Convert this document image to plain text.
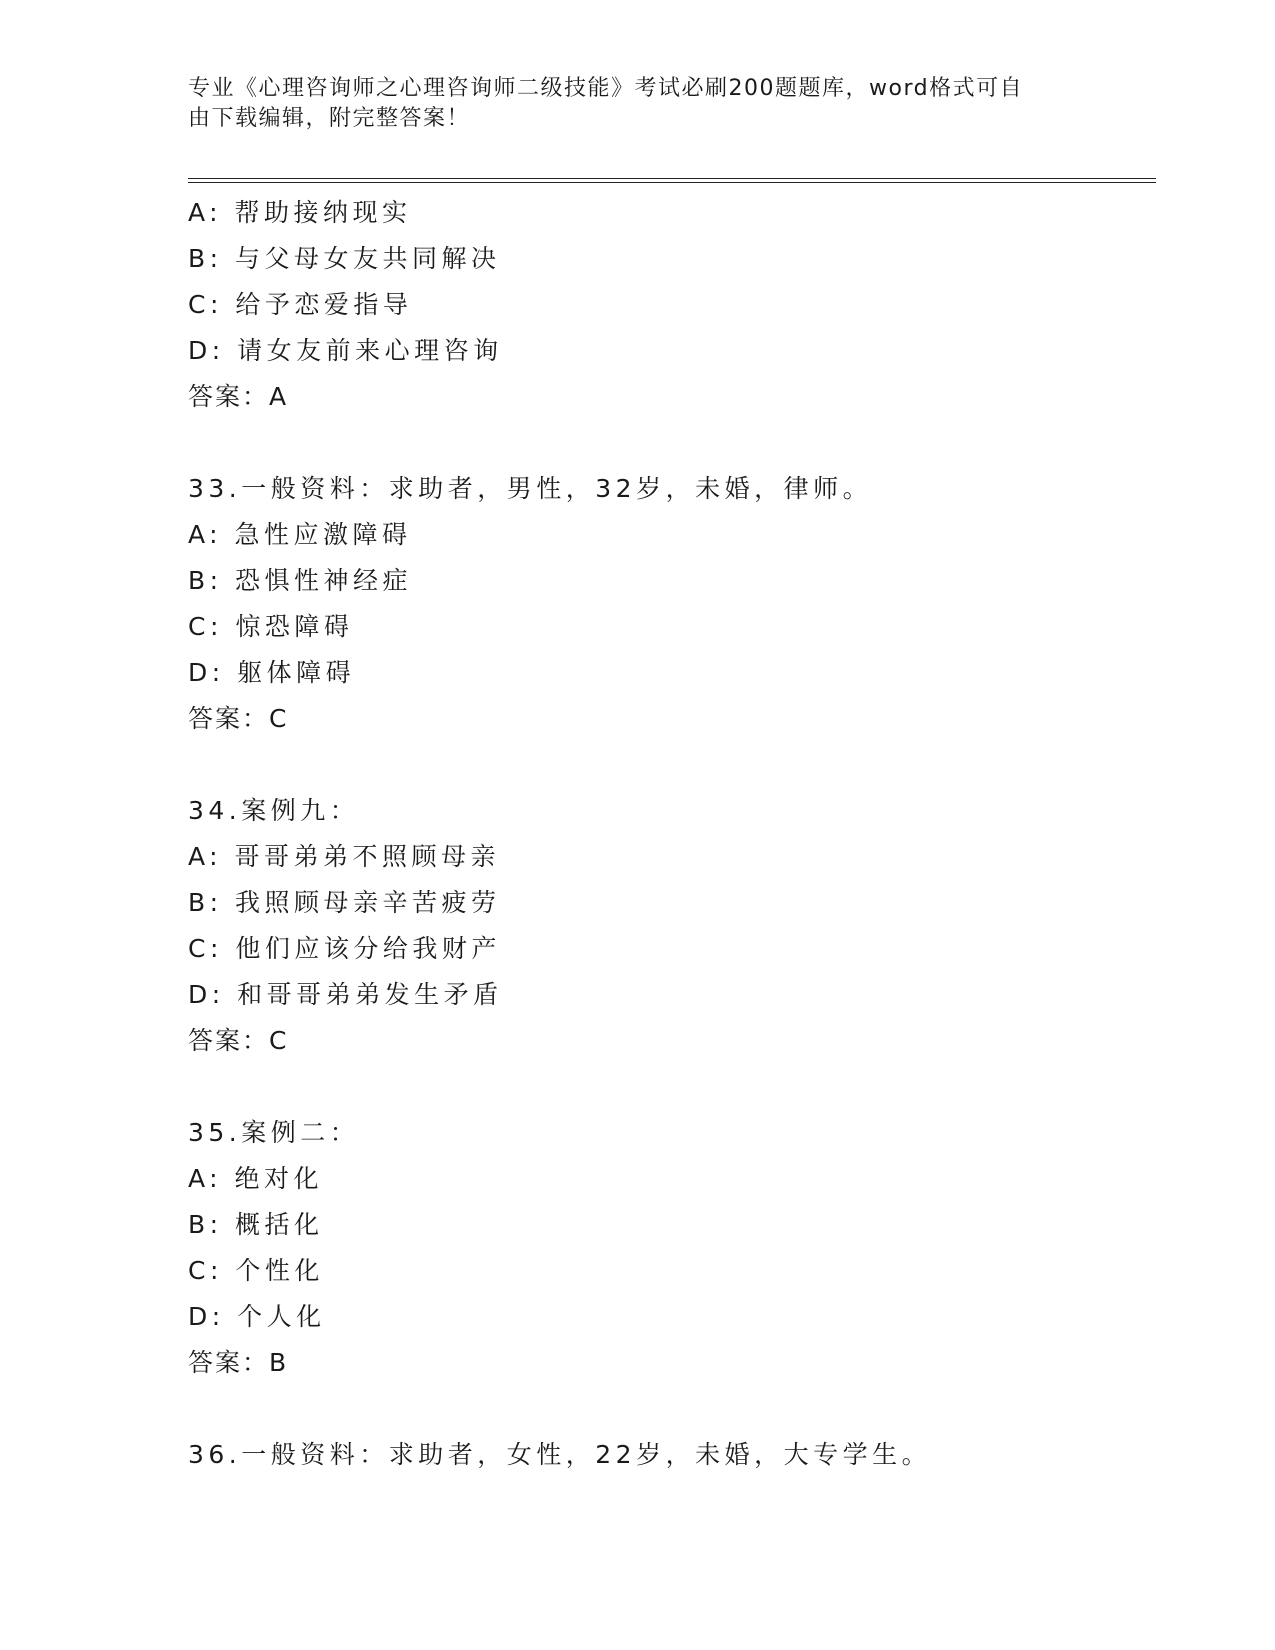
专业《心理咨询师之心理咨询师二级技能》考试必刷200题题库，word格式可自
由下载编辑，附完整答案！
A: 帮助接纳现实
B: 与父母女友共同解决
C: 给予恋爱指导
D: 请女友前来心理咨询
答案：A
33.一般资料：求助者，男性，32岁，未婚，律师。
A: 急性应激障碍
B: 恐惧性神经症
C: 惊恐障碍
D: 躯体障碍
答案：C
34.案例九：
A: 哥哥弟弟不照顾母亲
B: 我照顾母亲辛苦疲劳
C: 他们应该分给我财产
D: 和哥哥弟弟发生矛盾
答案：C
35.案例二：
A: 绝对化
B: 概括化
C: 个性化
D: 个人化
答案：B
36.一般资料：求助者，女性，22岁，未婚，大专学生。
